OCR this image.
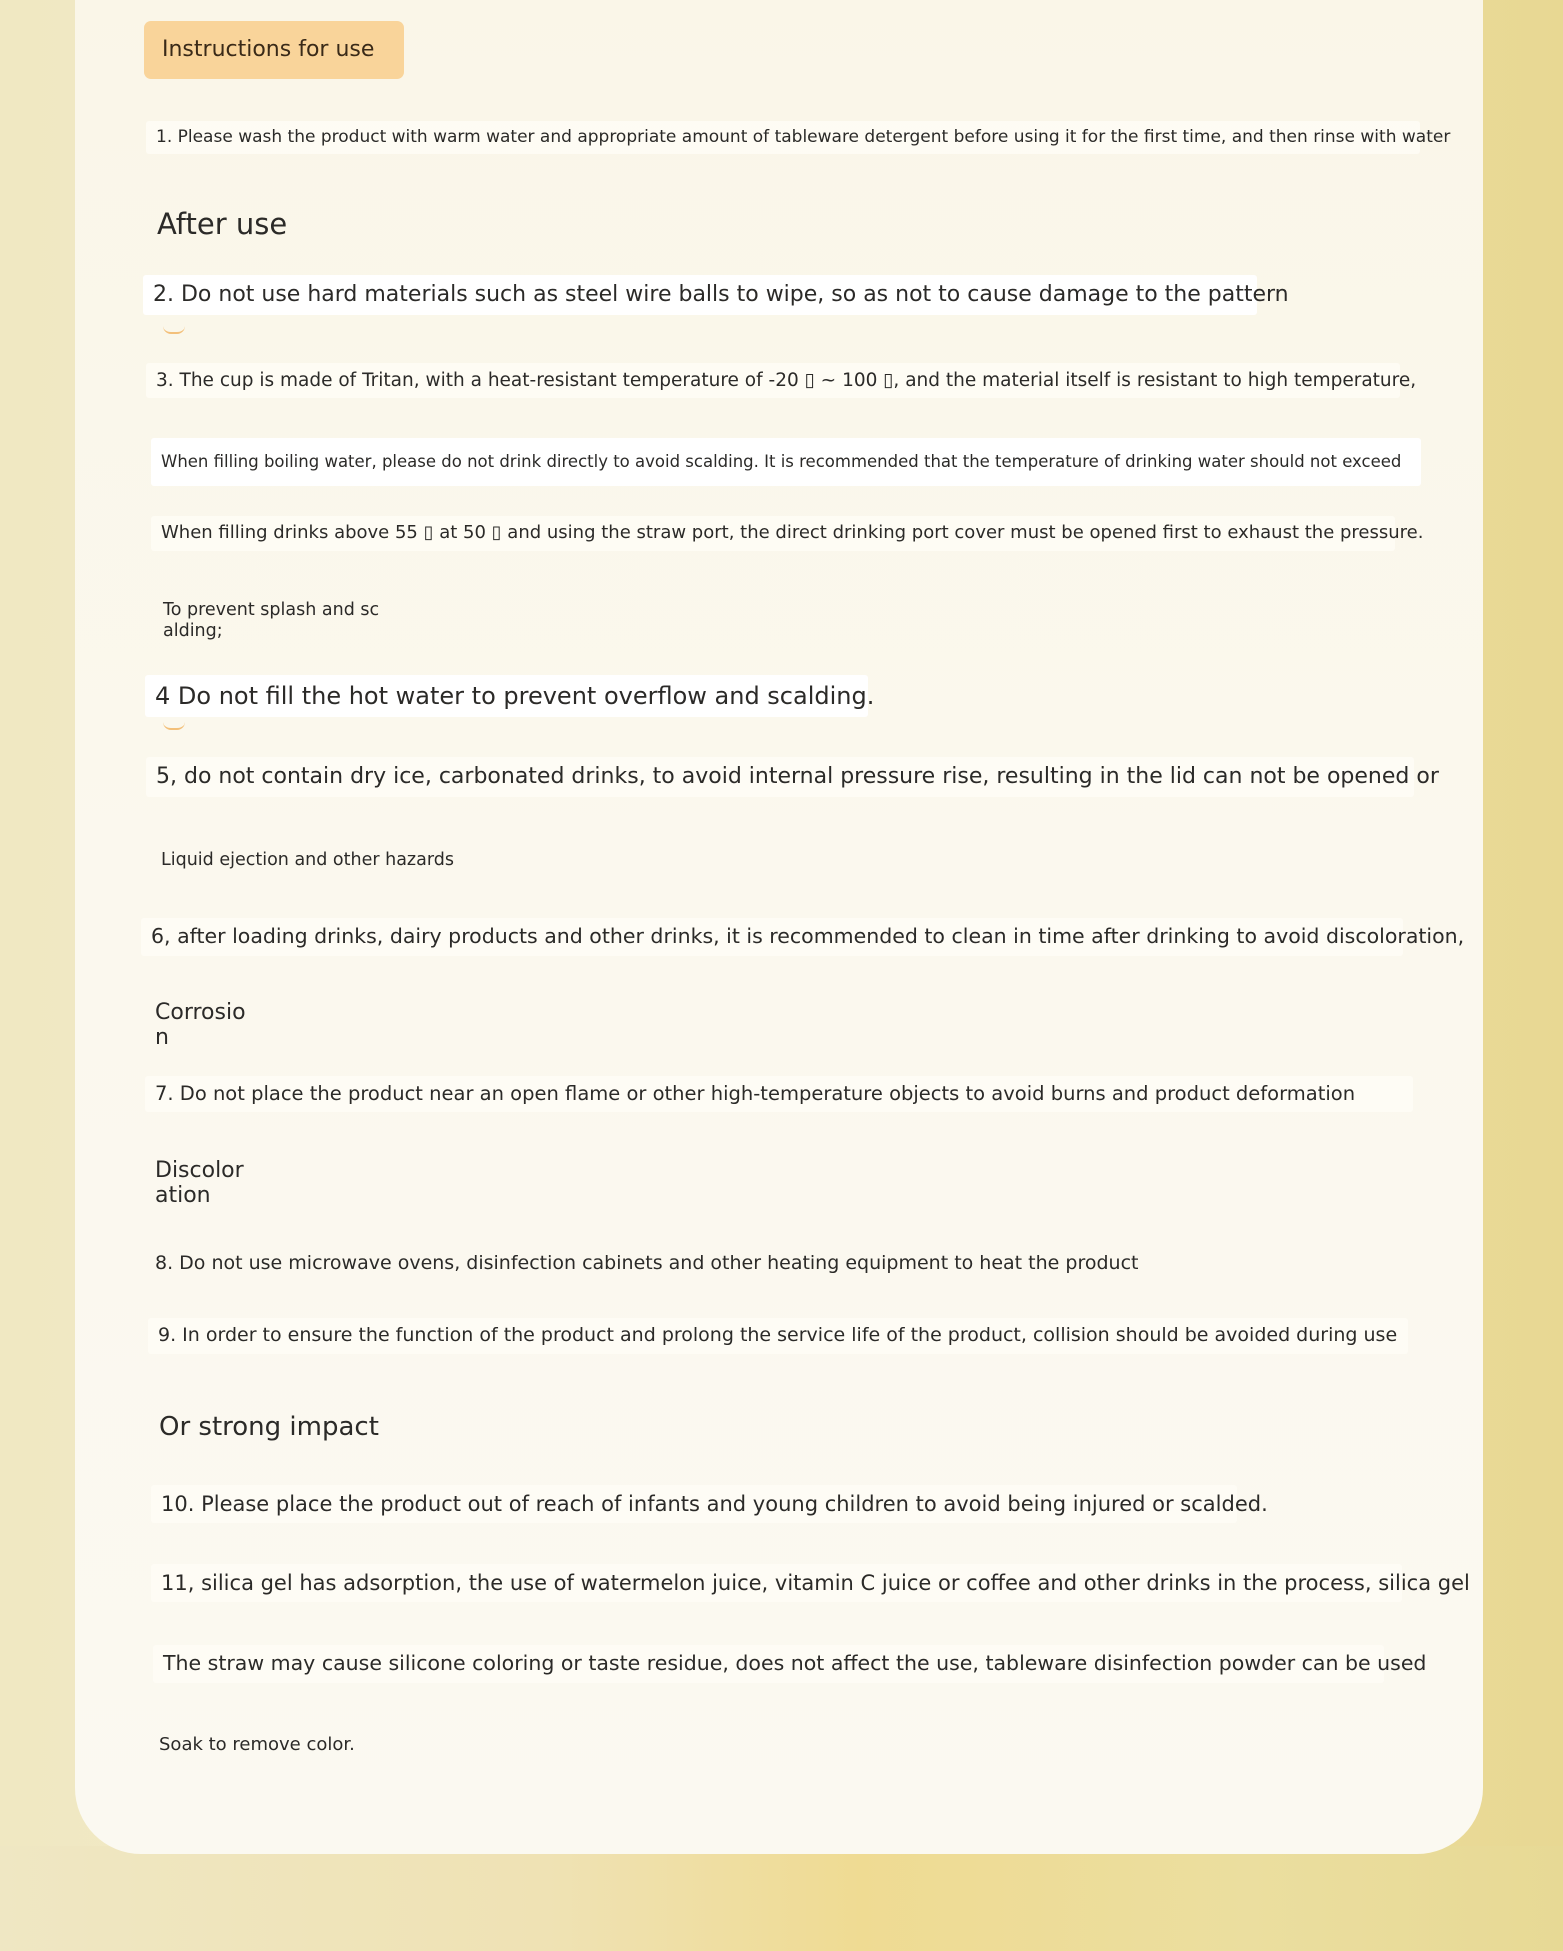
Instructions for use
1. Please wash the product with warm water and appropriate amount of tableware detergent before using it for the first time, and then rinse with water
After use
2. Do not use hard materials such as steel wire balls to wipe, so as not to cause damage to the pattern
3. The cup is made of Tritan, with a heat-resistant temperature of -20 ▯ ~ 100 ▯, and the material itself is resistant to high temperature,
When filling boiling water, please do not drink directly to avoid scalding. It is recommended that the temperature of drinking water should not exceed
When filling drinks above 55 ▯ at 50 ▯ and using the straw port, the direct drinking port cover must be opened first to exhaust the pressure.
To prevent splash and scalding;
4 Do not fill the hot water to prevent overflow and scalding.
5, do not contain dry ice, carbonated drinks, to avoid internal pressure rise, resulting in the lid can not be opened or
Liquid ejection and other hazards
6, after loading drinks, dairy products and other drinks, it is recommended to clean in time after drinking to avoid discoloration,
Corrosion
7. Do not place the product near an open flame or other high-temperature objects to avoid burns and product deformation
Discoloration
8. Do not use microwave ovens, disinfection cabinets and other heating equipment to heat the product
9. In order to ensure the function of the product and prolong the service life of the product, collision should be avoided during use
Or strong impact
10. Please place the product out of reach of infants and young children to avoid being injured or scalded.
11, silica gel has adsorption, the use of watermelon juice, vitamin C juice or coffee and other drinks in the process, silica gel
The straw may cause silicone coloring or taste residue, does not affect the use, tableware disinfection powder can be used
Soak to remove color.
